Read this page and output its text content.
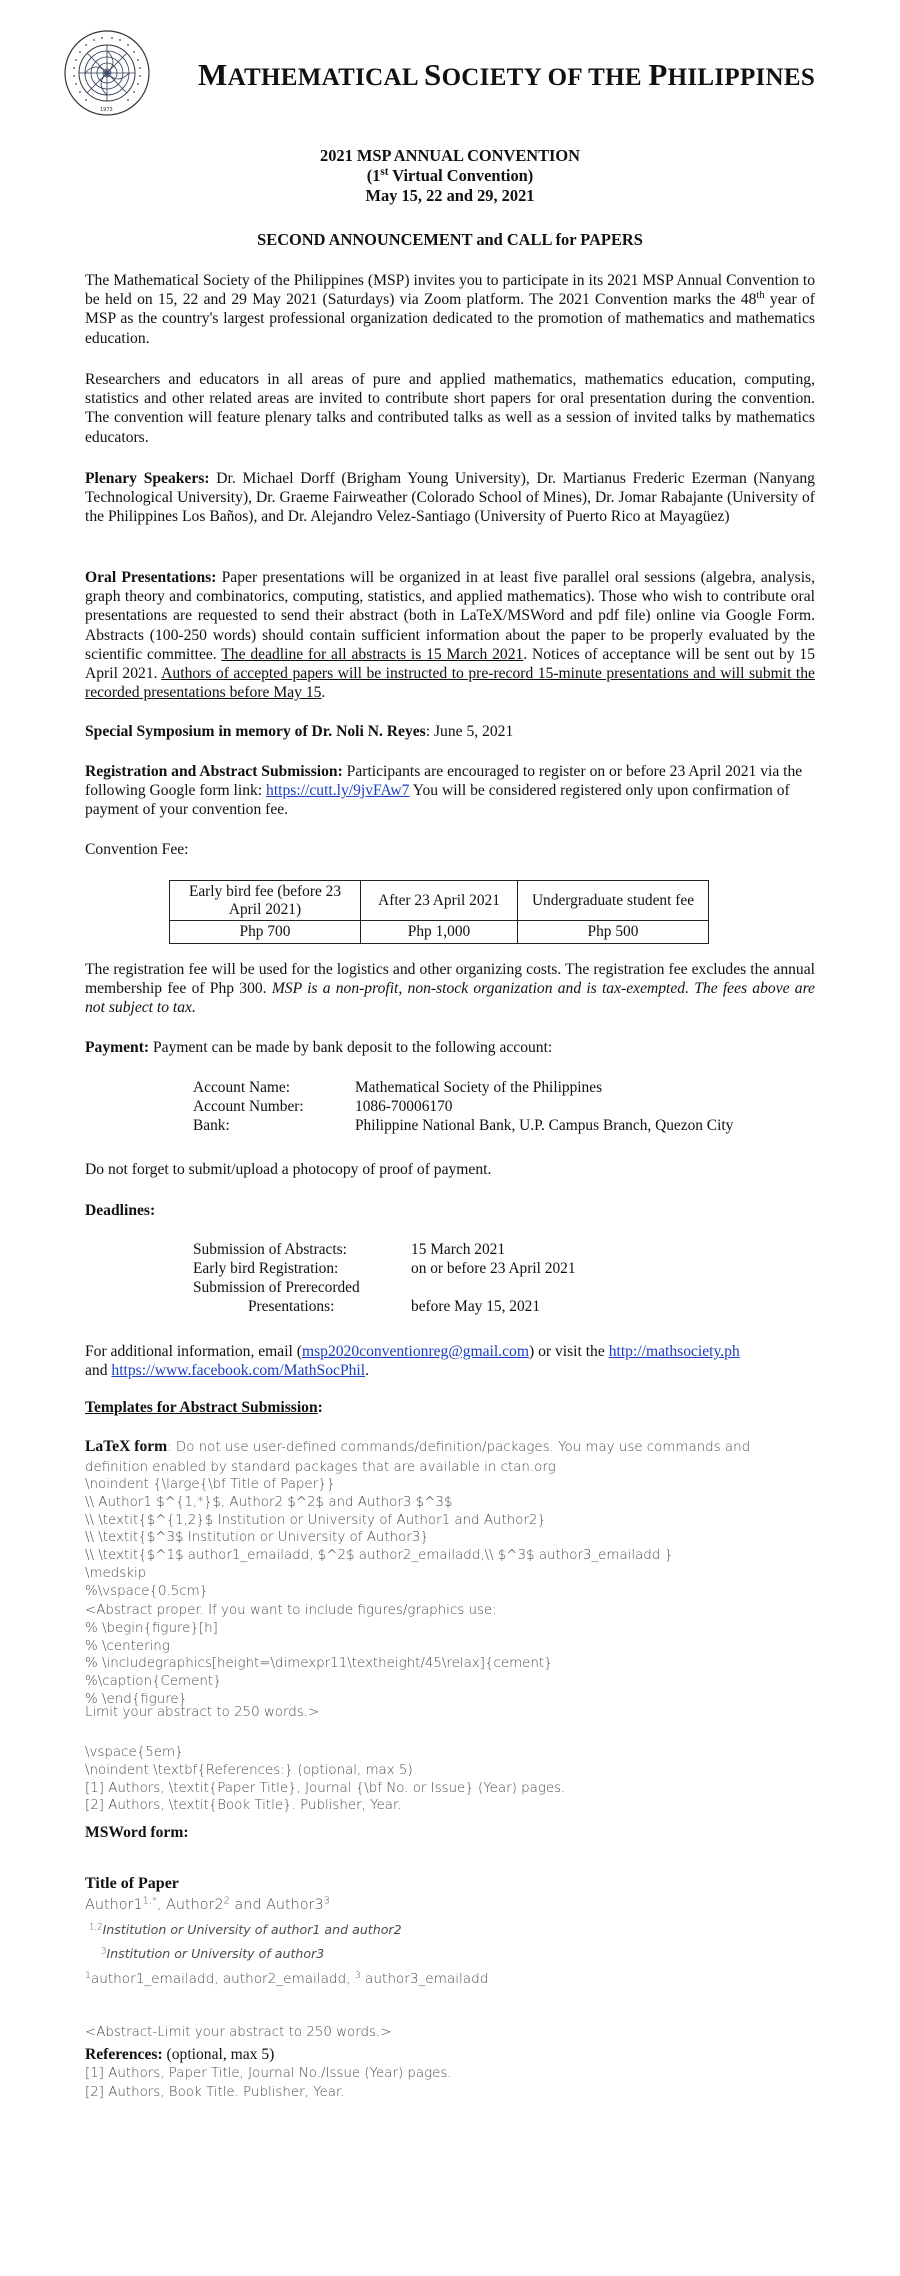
1973
MATHEMATICAL SOCIETY OF THE PHILIPPINES
2021 MSP ANNUAL CONVENTION
(1st Virtual Convention)
May 15, 22 and 29, 2021
SECOND ANNOUNCEMENT and CALL for PAPERS
The Mathematical Society of the Philippines (MSP) invites you to participate in its 2021 MSP Annual Convention to be held on 15, 22 and 29 May 2021 (Saturdays) via Zoom platform. The 2021 Convention marks the 48th year of MSP as the country's largest professional organization dedicated to the promotion of mathematics and mathematics education.
Researchers and educators in all areas of pure and applied mathematics, mathematics education, computing, statistics and other related areas are invited to contribute short papers for oral presentation during the convention. The convention will feature plenary talks and contributed talks as well as a session of invited talks by mathematics educators.
Plenary Speakers: Dr. Michael Dorff (Brigham Young University), Dr. Martianus Frederic Ezerman (Nanyang Technological University), Dr. Graeme Fairweather (Colorado School of Mines), Dr. Jomar Rabajante (University of the Philippines Los Baños), and Dr. Alejandro Velez-Santiago (University of Puerto Rico at Mayagüez)
Oral Presentations: Paper presentations will be organized in at least five parallel oral sessions (algebra, analysis, graph theory and combinatorics, computing, statistics, and applied mathematics). Those who wish to contribute oral presentations are requested to send their abstract (both in LaTeX/MSWord and pdf file) online via Google Form. Abstracts (100-250 words) should contain sufficient information about the paper to be properly evaluated by the scientific committee. The deadline for all abstracts is 15 March 2021. Notices of acceptance will be sent out by 15 April 2021. Authors of accepted papers will be instructed to pre-record 15-minute presentations and will submit the recorded presentations before May 15.
Special Symposium in memory of Dr. Noli N. Reyes: June 5, 2021
Registration and Abstract Submission: Participants are encouraged to register on or before 23 April 2021 via the following Google form link: https://cutt.ly/9jvFAw7 You will be considered registered only upon confirmation of payment of your convention fee.
Convention Fee:
Early bird fee (before 23 April 2021)	After 23 April 2021	Undergraduate student fee
Php 700	Php 1,000	Php 500
The registration fee will be used for the logistics and other organizing costs. The registration fee excludes the annual membership fee of Php 300. MSP is a non-profit, non-stock organization and is tax-exempted. The fees above are not subject to tax.
Payment: Payment can be made by bank deposit to the following account:
Account Name:	Mathematical Society of the Philippines
Account Number:	1086-70006170
Bank:	Philippine National Bank, U.P. Campus Branch, Quezon City
Do not forget to submit/upload a photocopy of proof of payment.
Deadlines:
Submission of Abstracts:	15 March 2021
Early bird Registration:	on or before 23 April 2021
Submission of Prerecorded
Presentations:	before May 15, 2021
For additional information, email (msp2020conventionreg@gmail.com) or visit the http://mathsociety.ph
and https://www.facebook.com/MathSocPhil.
Templates for Abstract Submission:
LaTeX form: Do not use user-defined commands/definition/packages. You may use commands and definition enabled by standard packages that are available in ctan.org
\noindent {\large{\bf Title of Paper}}
\\ Author1 $^{1,*}$, Author2 $^2$ and Author3 $^3$
\\ \textit{$^{1,2}$ Institution or University of Author1 and Author2}
\\ \textit{$^3$ Institution or University of Author3}
\\ \textit{$^1$ author1_emailadd, $^2$ author2_emailadd,\\ $^3$ author3_emailadd }
\medskip
%\vspace{0.5cm}
<Abstract proper. If you want to include figures/graphics use:
% \begin{figure}[h]
% \centering
% \includegraphics[height=\dimexpr11\textheight/45\relax]{cement}
%\caption{Cement}
% \end{figure}
Limit your abstract to 250 words.>
\vspace{5em}
\noindent \textbf{References:} (optional, max 5)
[1] Authors, \textit{Paper Title}, Journal {\bf No. or Issue} (Year) pages.
[2] Authors, \textit{Book Title}. Publisher, Year.
MSWord form:
Title of Paper
$Author1^{1,*}$, $Author2^2$ and $Author3^3$
$^{1,2}$Institution or University of author1 and author2
$^3$Institution or University of author3
$^1$author1_emailadd, author2_emailadd, $^3$ author3_emailadd
<Abstract-Limit your abstract to 250 words.>
References: (optional, max 5)
[1] Authors, Paper Title, Journal No./Issue (Year) pages.
[2] Authors, Book Title. Publisher, Year.
